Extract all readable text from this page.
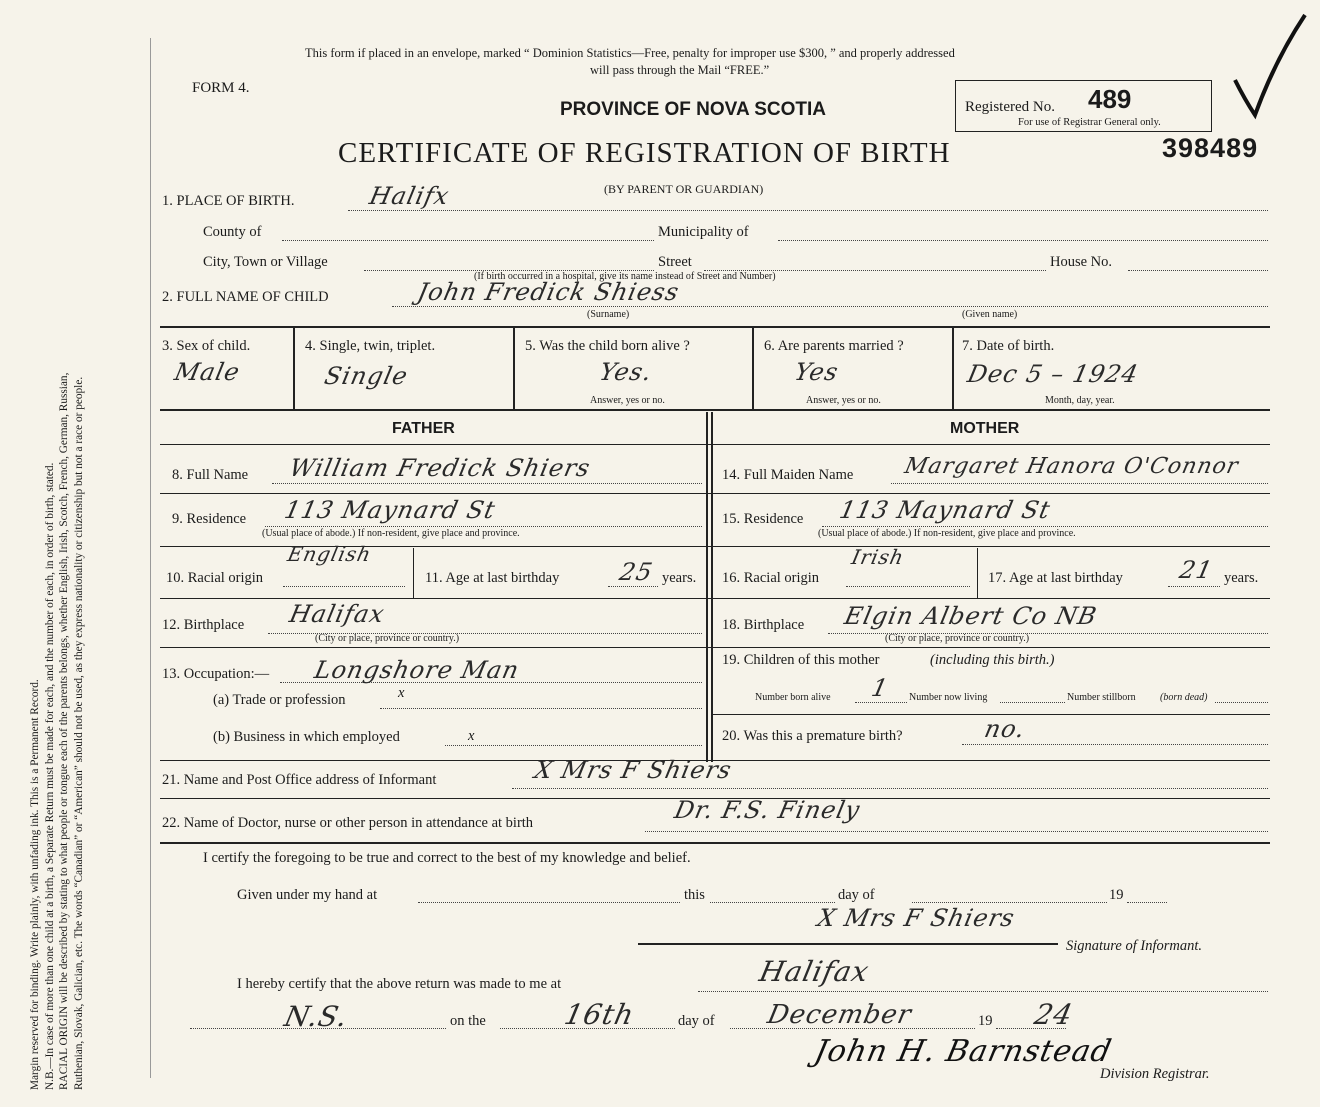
Margin reserved for binding. Write plainly, with unfading ink. This is a Permanent Record. N.B.—In case of more than one child at a birth, a Separate Return must be made for each, and the number of each, in order of birth, stated. RACIAL ORIGIN will be described by stating to what people or tongue each of the parents belongs, whether English, Irish, Scotch, French, German, Russian, Ruthenian, Slovak, Galician, etc. The words “Canadian” or “American” should not be used, as they express nationality or citizenship but not a race or people.
This form if placed in an envelope, marked “ Dominion Statistics—Free, penalty for improper use $300, ” and properly addressed
will pass through the Mail “FREE.”
FORM 4.
PROVINCE OF NOVA SCOTIA
CERTIFICATE OF REGISTRATION OF BIRTH
(BY PARENT OR GUARDIAN)
Registered No. 489
For use of Registrar General only.
398489
1. PLACE OF BIRTH.	Halifx
County of	Municipality of
City, Town or Village	Street	House No.
(If birth occurred in a hospital, give its name instead of Street and Number)
2. FULL NAME OF CHILD	John Fredick Shiess
(Surname)	(Given name)
3. Sex of child.
Male
4. Single, twin, triplet.
Single
5. Was the child born alive ?
Yes.
Answer, yes or no.
6. Are parents married ?
Yes
Answer, yes or no.
7. Date of birth.
Dec 5 – 1924
Month, day, year.
FATHER	MOTHER
8. Full Name William Fredick Shiers
9. Residence 113 Maynard St
(Usual place of abode.) If non-resident, give place and province.
10. Racial origin
English
11. Age at last birthday 25 years.
12. Birthplace Halifax
(City or place, province or country.)
13. Occupation:— Longshore Man
(a) Trade or profession	x
(b) Business in which employed	x
14. Full Maiden Name Margaret Hanora O'Connor
15. Residence 113 Maynard St
(Usual place of abode.) If non-resident, give place and province.
16. Racial origin
Irish
17. Age at last birthday 21 years.
18. Birthplace Elgin Albert Co NB
(City or place, province or country.)
19. Children of this mother	(including this birth.)
Number born alive 1 Number now living	Number stillborn (born dead)
20. Was this a premature birth?	no.
21. Name and Post Office address of Informant	X Mrs F Shiers
22. Name of Doctor, nurse or other person in attendance at birth	Dr. F.S. Finely
I certify the foregoing to be true and correct to the best of my knowledge and belief.
Given under my hand at	this	day of	19
X Mrs F Shiers
Signature of Informant.
I hereby certify that the above return was made to me at	Halifax
N.S.	on the	16th	day of December	19 24
John H. Barnstead
Division Registrar.
